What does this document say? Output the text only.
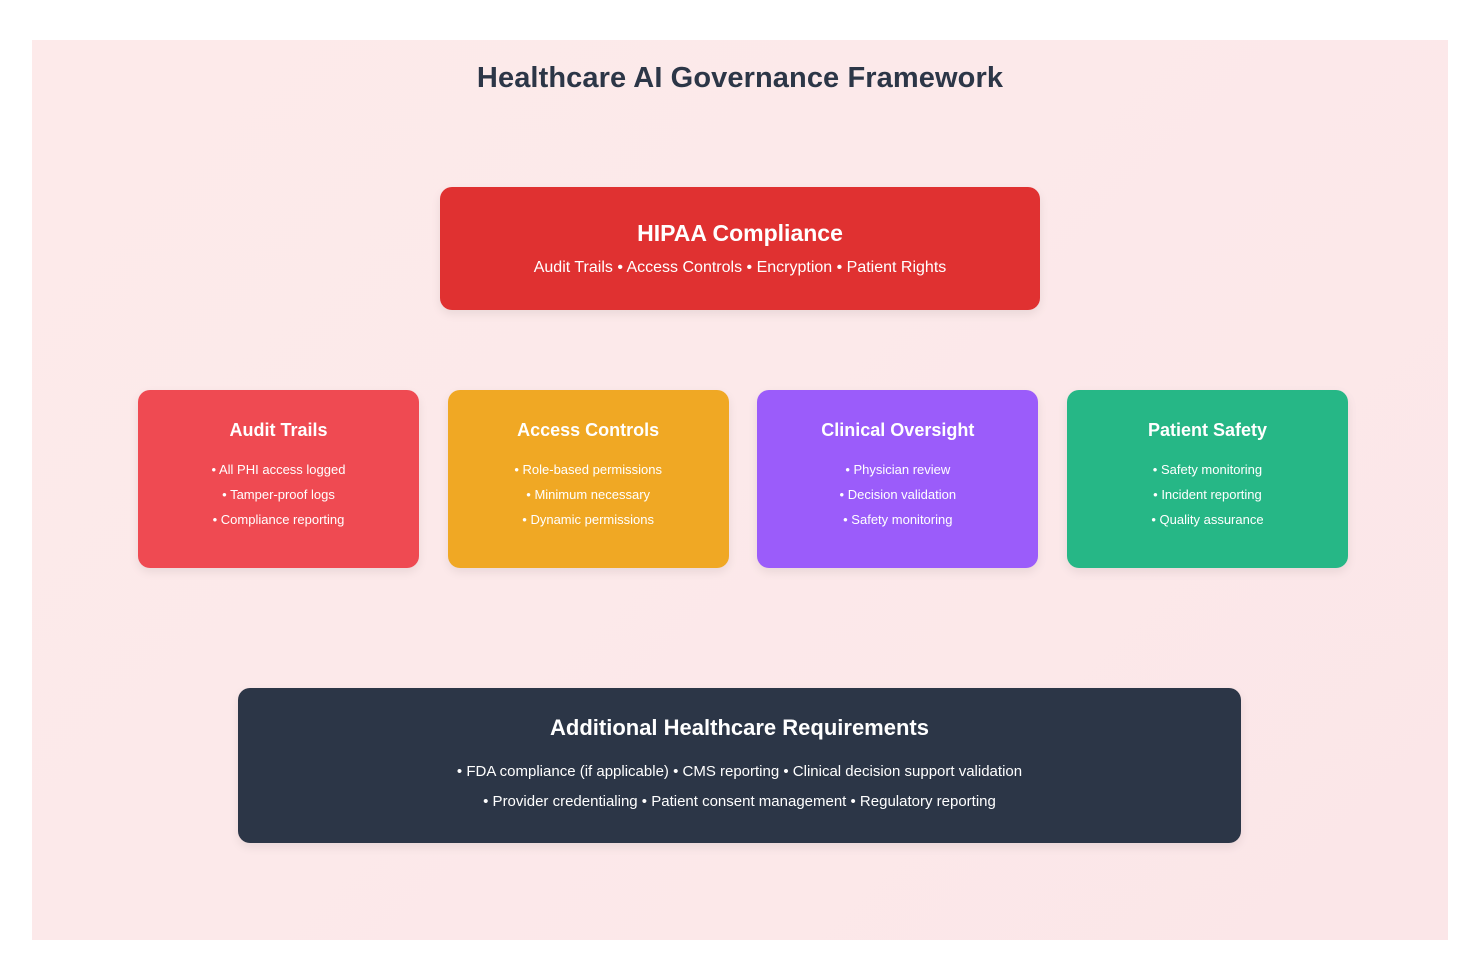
Healthcare AI Governance Framework
HIPAA Compliance
Audit Trails • Access Controls • Encryption • Patient Rights
Audit Trails
• All PHI access logged
• Tamper-proof logs
• Compliance reporting
Access Controls
• Role-based permissions
• Minimum necessary
• Dynamic permissions
Clinical Oversight
• Physician review
• Decision validation
• Safety monitoring
Patient Safety
• Safety monitoring
• Incident reporting
• Quality assurance
Additional Healthcare Requirements
• FDA compliance (if applicable) • CMS reporting • Clinical decision support validation
• Provider credentialing • Patient consent management • Regulatory reporting
